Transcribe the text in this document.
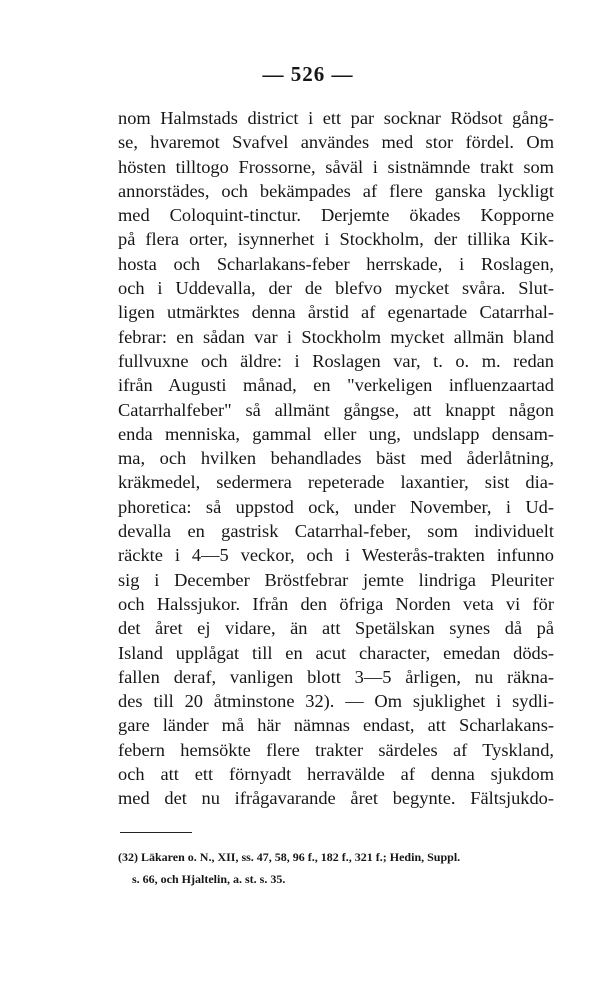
— 526 —
nom Halmstads district i ett par socknar Rödsot gång-
se, hvaremot Svafvel användes med stor fördel. Om
hösten tilltogo Frossorne, såväl i sistnämnde trakt som
annorstädes, och bekämpades af flere ganska lyckligt
med Coloquint-tinctur. Derjemte ökades Kopporne
på flera orter, isynnerhet i Stockholm, der tillika Kik-
hosta och Scharlakans-feber herrskade, i Roslagen,
och i Uddevalla, der de blefvo mycket svåra. Slut-
ligen utmärktes denna årstid af egenartade Catarrhal-
febrar: en sådan var i Stockholm mycket allmän bland
fullvuxne och äldre: i Roslagen var, t. o. m. redan
ifrån Augusti månad, en "verkeligen influenzaartad
Catarrhalfeber" så allmänt gångse, att knappt någon
enda menniska, gammal eller ung, undslapp densam-
ma, och hvilken behandlades bäst med åderlåtning,
kräkmedel, sedermera repeterade laxantier, sist dia-
phoretica: så uppstod ock, under November, i Ud-
devalla en gastrisk Catarrhal-feber, som individuelt
räckte i 4—5 veckor, och i Westerås-trakten infunno
sig i December Bröstfebrar jemte lindriga Pleuriter
och Halssjukor. Ifrån den öfriga Norden veta vi för
det året ej vidare, än att Spetälskan synes då på
Island upplågat till en acut character, emedan döds-
fallen deraf, vanligen blott 3—5 årligen, nu räkna-
des till 20 åtminstone 32). — Om sjuklighet i sydli-
gare länder må här nämnas endast, att Scharlakans-
febern hemsökte flere trakter särdeles af Tyskland,
och att ett förnyadt herravälde af denna sjukdom
med det nu ifrågavarande året begynte. Fältsjukdo-
(32) Läkaren o. N., XII, ss. 47, 58, 96 f., 182 f., 321 f.; Hedin, Suppl.
s. 66, och Hjaltelin, a. st. s. 35.
